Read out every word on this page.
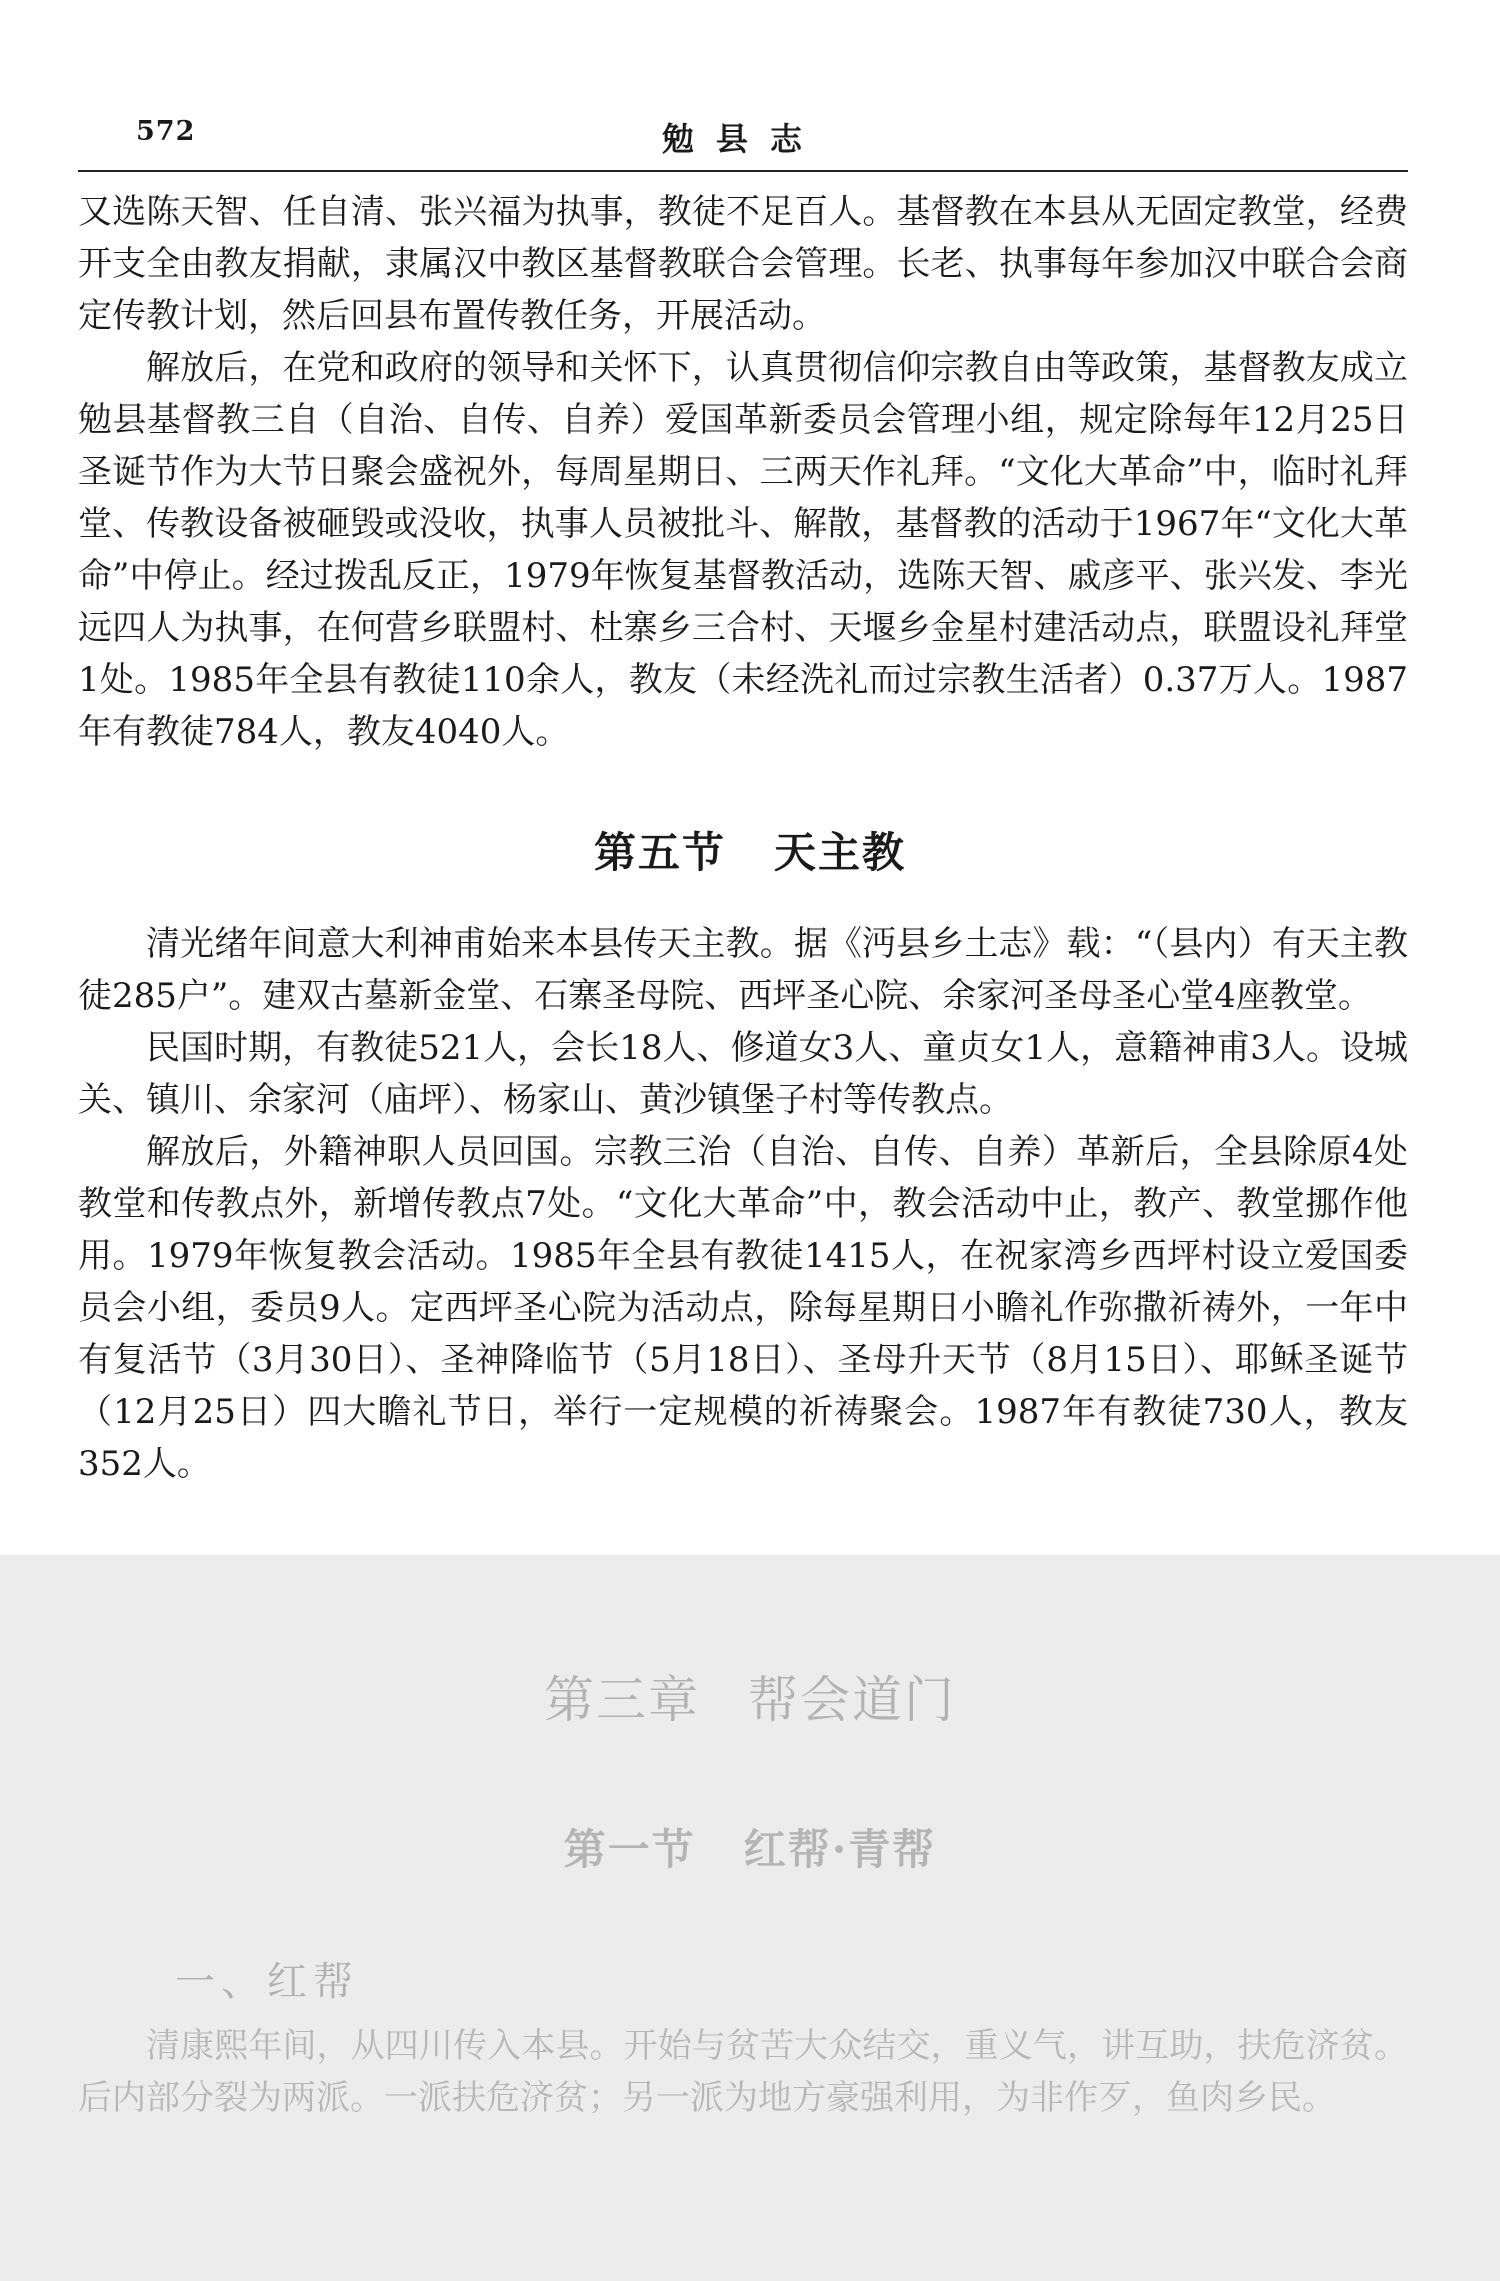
572	勉县志

又选陈天智、任自清、张兴福为执事，教徒不足百人。基督教在本县从无固定教堂，经费开支全由教友捐献，隶属汉中教区基督教联合会管理。长老、执事每年参加汉中联合会商定传教计划，然后回县布置传教任务，开展活动。

解放后，在党和政府的领导和关怀下，认真贯彻信仰宗教自由等政策，基督教友成立勉县基督教三自（自治、自传、自养）爱国革新委员会管理小组，规定除每年12月25日圣诞节作为大节日聚会盛祝外，每周星期日、三两天作礼拜。“文化大革命”中，临时礼拜堂、传教设备被砸毁或没收，执事人员被批斗、解散，基督教的活动于1967年“文化大革命”中停止。经过拨乱反正，1979年恢复基督教活动，选陈天智、戚彦平、张兴发、李光远四人为执事，在何营乡联盟村、杜寨乡三合村、天堰乡金星村建活动点，联盟设礼拜堂1处。1985年全县有教徒110余人，教友（未经洗礼而过宗教生活者）0.37万人。1987年有教徒784人，教友4040人。

第五节 天主教

清光绪年间意大利神甫始来本县传天主教。据《沔县乡土志》载：“（县内）有天主教徒285户”。建双古墓新金堂、石寨圣母院、西坪圣心院、余家河圣母圣心堂4座教堂。

民国时期，有教徒521人，会长18人、修道女3人、童贞女1人，意籍神甫3人。设城关、镇川、余家河（庙坪）、杨家山、黄沙镇堡子村等传教点。

解放后，外籍神职人员回国。宗教三治（自治、自传、自养）革新后，全县除原4处教堂和传教点外，新增传教点7处。“文化大革命”中，教会活动中止，教产、教堂挪作他用。1979年恢复教会活动。1985年全县有教徒1415人，在祝家湾乡西坪村设立爱国委员会小组，委员9人。定西坪圣心院为活动点，除每星期日小瞻礼作弥撒祈祷外，一年中有复活节（3月30日）、圣神降临节（5月18日）、圣母升天节（8月15日）、耶稣圣诞节（12月25日）四大瞻礼节日，举行一定规模的祈祷聚会。1987年有教徒730人，教友352人。

第三章 帮会道门
第一节 红帮·青帮
一、红帮

清康熙年间，从四川传入本县。开始与贫苦大众结交，重义气，讲互助，扶危济贫。后内部分裂为两派。一派扶危济贫；另一派为地方豪强利用，为非作歹，鱼肉乡民。
